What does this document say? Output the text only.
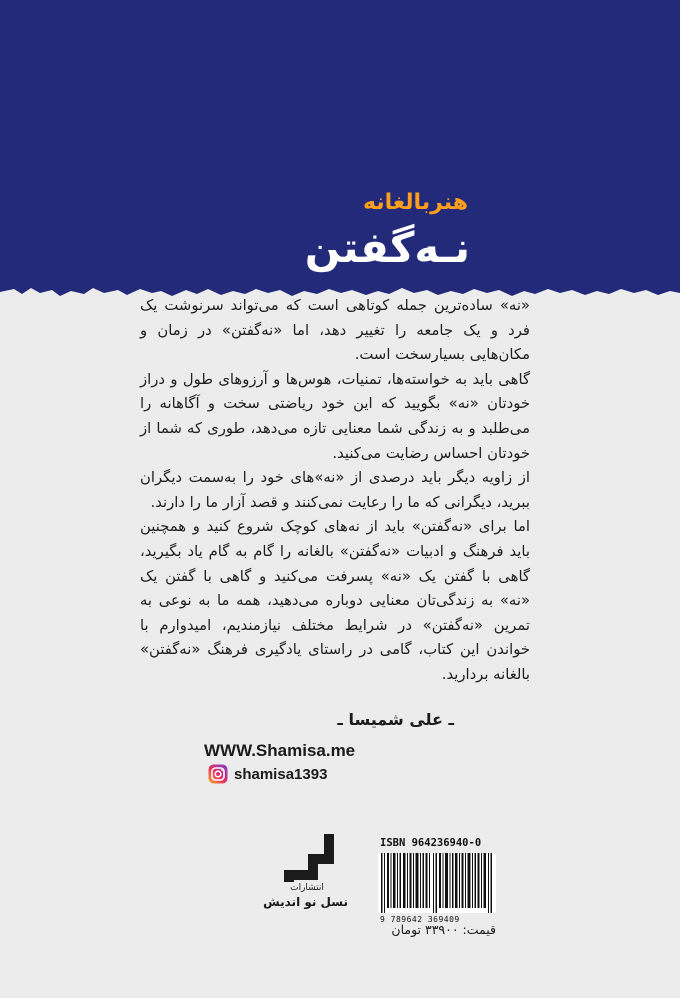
هنربالغانه
نـه‌گفتن

«نه» ساده‌ترین جمله کوتاهی است که می‌تواند سرنوشت یک فرد و یک جامعه را تغییر دهد، اما «نه‌گفتن» در زمان و مکان‌هایی بسیارسخت است.

گاهی باید به خواسته‌ها، تمنیات، هوس‌ها و آرزوهای طول و دراز خودتان «نه» بگویید که این خود ریاضتی سخت و آگاهانه را می‌طلبد و به زندگی شما معنایی تازه می‌دهد، طوری که شما از خودتان احساس رضایت می‌کنید.

از زاویه دیگر باید درصدی از «نه»های خود را به‌سمت دیگران ببرید، دیگرانی که ما را رعایت نمی‌کنند و قصد آزار ما را دارند.

اما برای «نه‌گفتن» باید از نه‌های کوچک شروع کنید و همچنین باید فرهنگ و ادبیات «نه‌گفتن» بالغانه را گام به گام یاد بگیرید، گاهی با گفتن یک «نه» پسرفت می‌کنید و گاهی با گفتن یک «نه» به زندگی‌تان معنایی دوباره می‌دهید، همه ما به نوعی به تمرین «نه‌گفتن» در شرایط مختلف نیازمندیم، امیدوارم با خواندن این کتاب، گامی در راستای یادگیری فرهنگ «نه‌گفتن» بالغانه بردارید.

ـ علی شمیسا ـ
WWW.Shamisa.me
shamisa1393
انتشارات
نسل نو اندیش
ISBN 964236940-0
9 789642 369409
قیمت: ۳۳۹۰۰ تومان
